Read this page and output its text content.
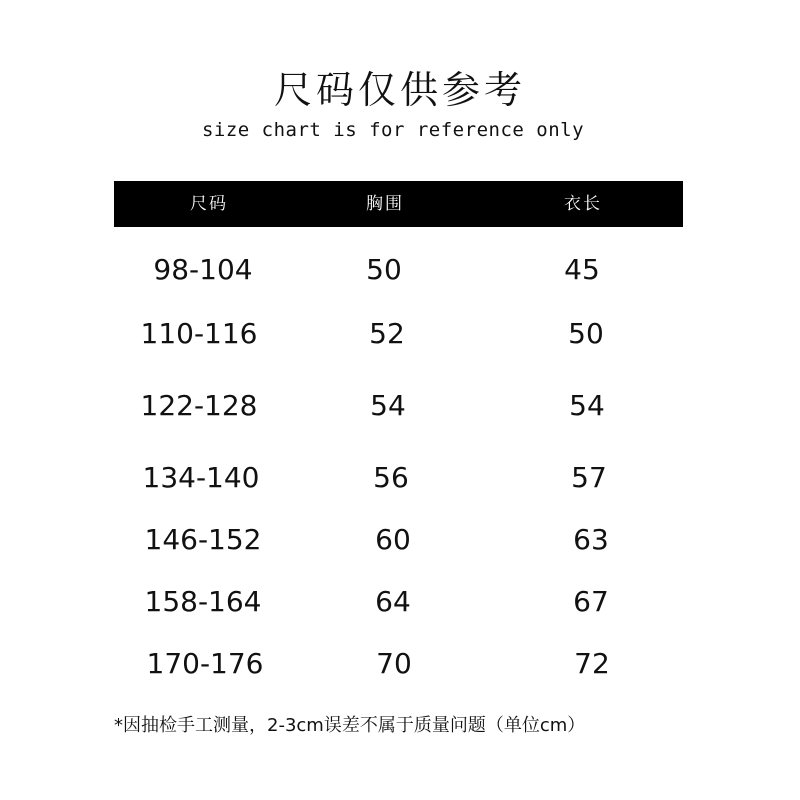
尺码仅供参考
size chart is for reference only
尺码	胸围	衣长
98-104	50	45
110-116	52	50
122-128	54	54
134-140	56	57
146-152	60	63
158-164	64	67
170-176	70	72
*因抽检手工测量，2-3cm误差不属于质量问题（单位cm）
